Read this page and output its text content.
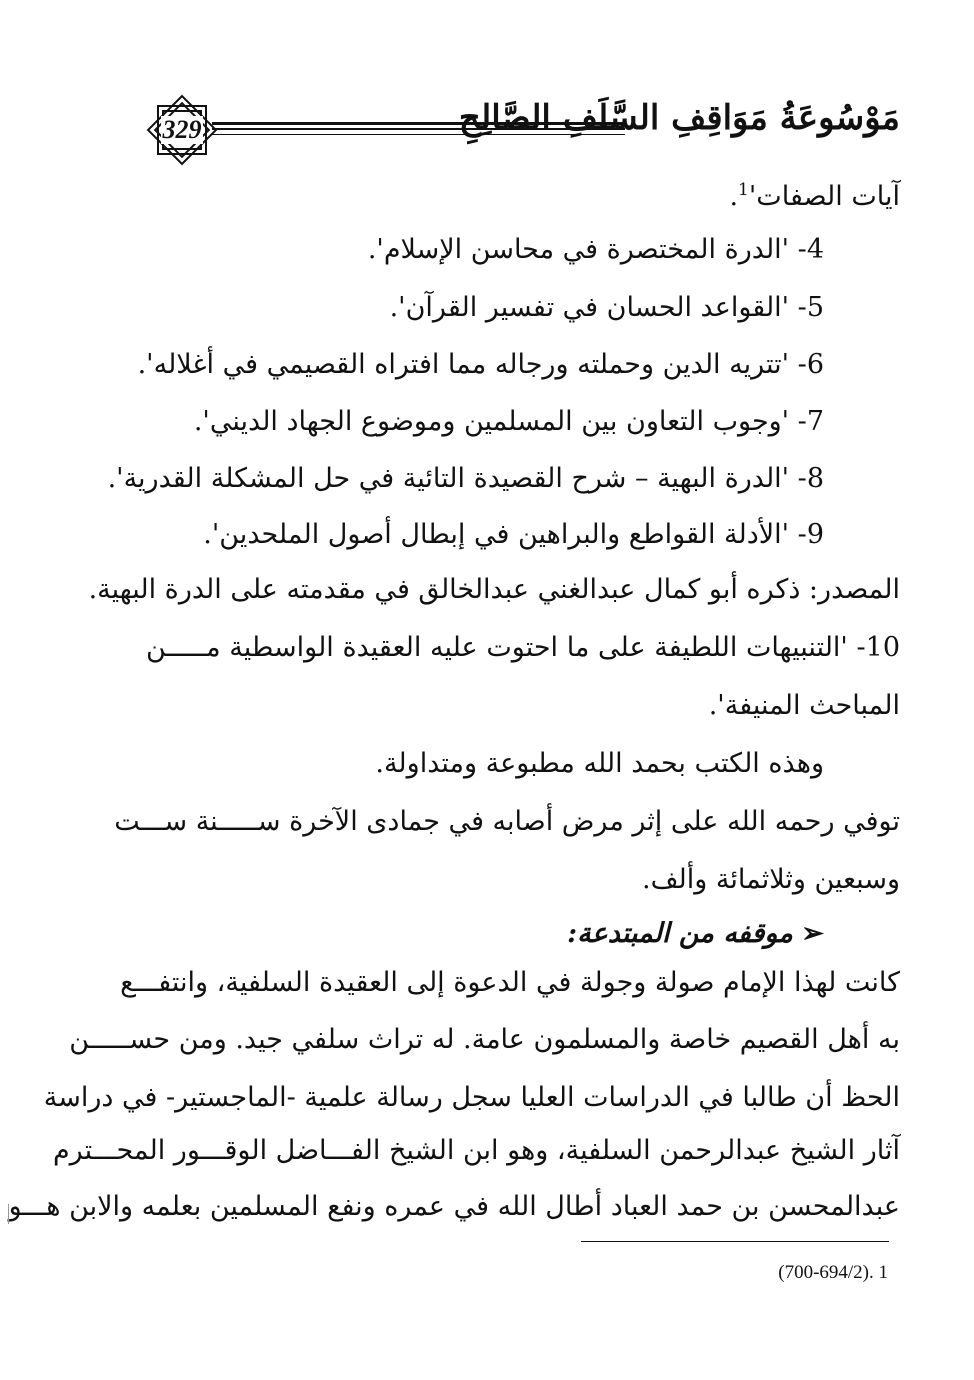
مَوْسُوعَةُ مَوَاقِفِ السَّلَفِ الصَّالِحِ
329
آيات $الصفات'^1$.
4- 'الدرة المختصرة في محاسن الإسلام'.
5- 'القواعد الحسان في تفسير القرآن'.
6- 'تتريه الدين وحملته ورجاله مما افتراه القصيمي في أغلاله'.
7- 'وجوب التعاون بين المسلمين وموضوع الجهاد الديني'.
8- 'الدرة البهية – شرح القصيدة التائية في حل المشكلة القدرية'.
9- 'الأدلة القواطع والبراهين في إبطال أصول الملحدين'.
المصدر: ذكره أبو كمال عبدالغني عبدالخالق في مقدمته على الدرة البهية.
10- 'التنبيهات اللطيفة على ما احتوت عليه العقيدة الواسطية مـــــن
المباحث المنيفة'.
وهذه الكتب بحمد الله مطبوعة ومتداولة.
توفي رحمه الله على إثر مرض أصابه في جمادى الآخرة ســـــنة ســـت
وسبعين وثلاثمائة وألف.
➢ موقفه من المبتدعة:
كانت لهذا الإمام صولة وجولة في الدعوة إلى العقيدة السلفية، وانتفـــع
به أهل القصيم خاصة والمسلمون عامة. له تراث سلفي جيد. ومن حســـــن
الحظ أن طالبا في الدراسات العليا سجل رسالة علمية -الماجستير- في دراسة
آثار الشيخ عبدالرحمن السلفية، وهو ابن الشيخ الفـــاضل الوقـــور المحـــترم
عبدالمحسن بن حمد العباد أطال الله في عمره ونفع المسلمين بعلمه والابن هـــو
1 .(700-694/2)
